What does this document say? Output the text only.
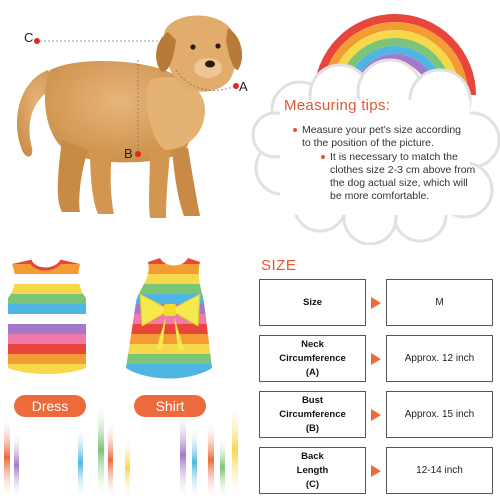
C
A
B
Measuring tips:
Measure your pet's size according to the position of the picture.
It is necessary to match the clothes size 2-3 cm above from the dog actual size, which will be more comfortable.
Dress	Shirt
SIZE
Size	M
Neck
Circumference
(A)
Approx. 12 inch
Bust
Circumference
(B)
Approx. 15 inch
Back
Length
(C)
12-14 inch
